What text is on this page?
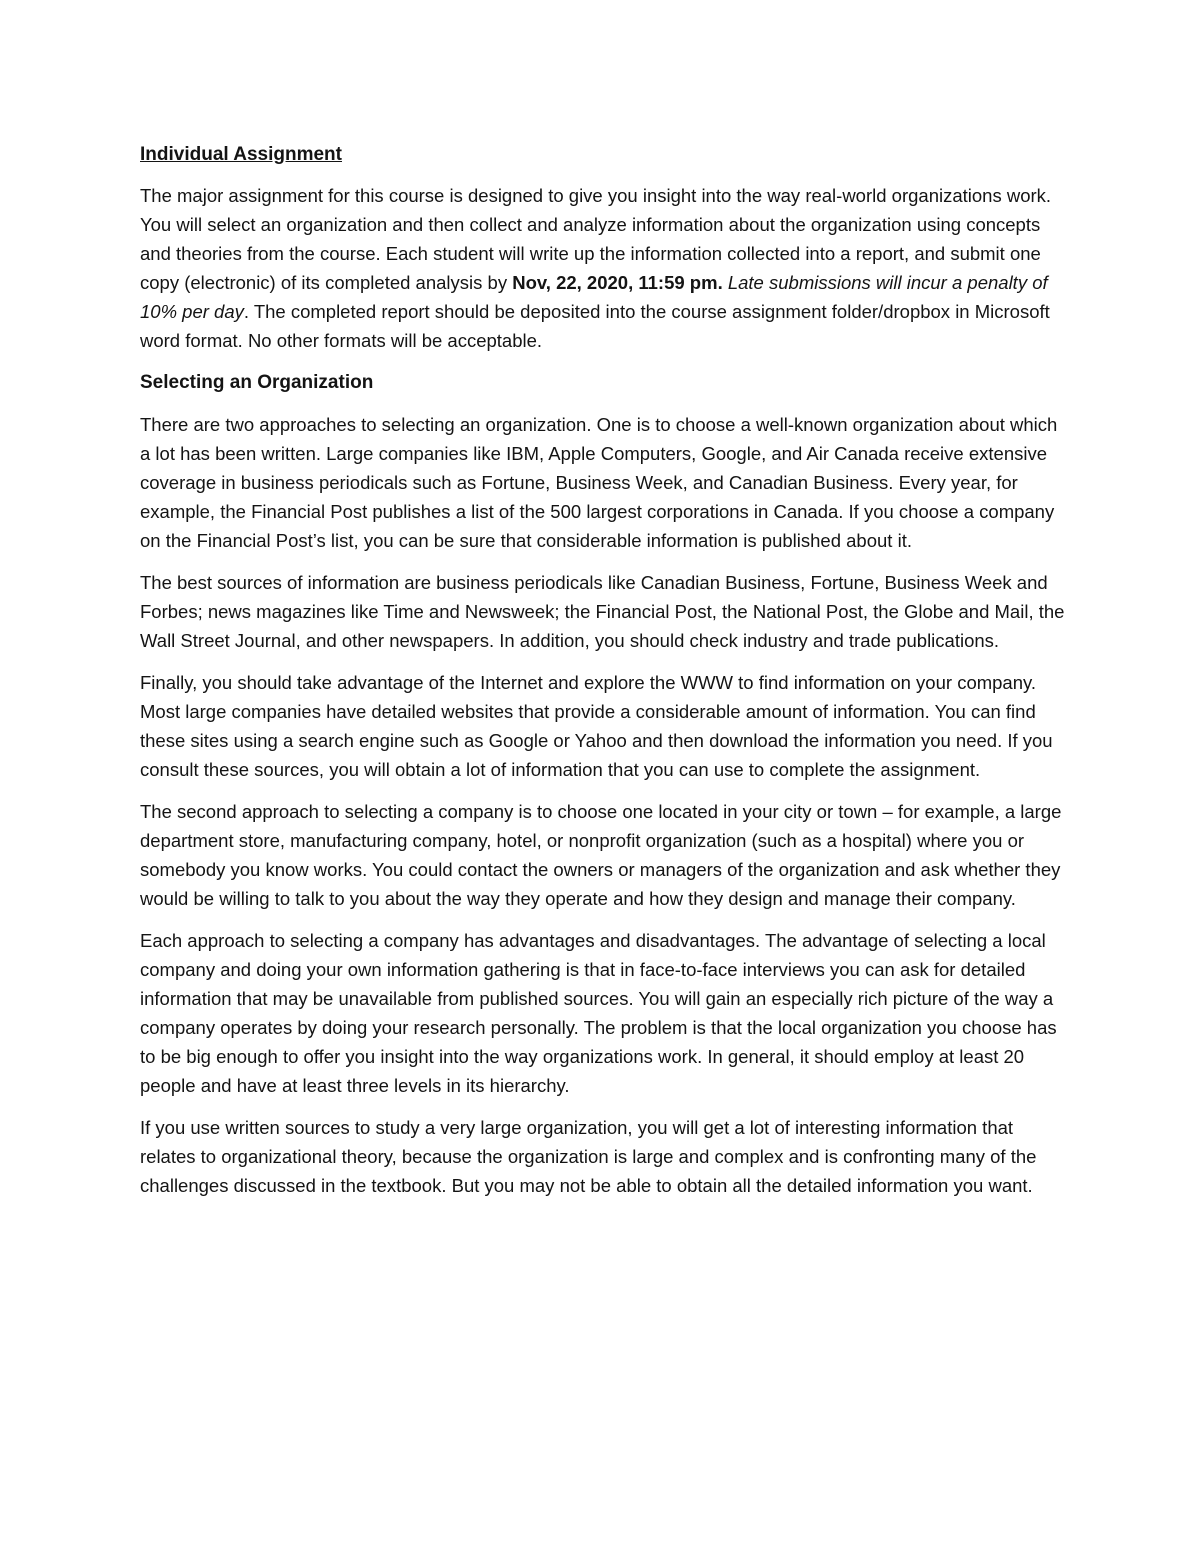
Individual Assignment

The major assignment for this course is designed to give you insight into the way real-world organizations work. You will select an organization and then collect and analyze information about the organization using concepts and theories from the course. Each student will write up the information collected into a report, and submit one copy (electronic) of its completed analysis by Nov, 22, 2020, 11:59 pm. Late submissions will incur a penalty of 10% per day. The completed report should be deposited into the course assignment folder/dropbox in Microsoft word format. No other formats will be acceptable.

Selecting an Organization

There are two approaches to selecting an organization. One is to choose a well-known organization about which a lot has been written. Large companies like IBM, Apple Computers, Google, and Air Canada receive extensive coverage in business periodicals such as Fortune, Business Week, and Canadian Business. Every year, for example, the Financial Post publishes a list of the 500 largest corporations in Canada. If you choose a company on the Financial Post’s list, you can be sure that considerable information is published about it.

The best sources of information are business periodicals like Canadian Business, Fortune, Business Week and Forbes; news magazines like Time and Newsweek; the Financial Post, the National Post, the Globe and Mail, the Wall Street Journal, and other newspapers. In addition, you should check industry and trade publications.

Finally, you should take advantage of the Internet and explore the WWW to find information on your company. Most large companies have detailed websites that provide a considerable amount of information. You can find these sites using a search engine such as Google or Yahoo and then download the information you need. If you consult these sources, you will obtain a lot of information that you can use to complete the assignment.

The second approach to selecting a company is to choose one located in your city or town – for example, a large department store, manufacturing company, hotel, or nonprofit organization (such as a hospital) where you or somebody you know works. You could contact the owners or managers of the organization and ask whether they would be willing to talk to you about the way they operate and how they design and manage their company.

Each approach to selecting a company has advantages and disadvantages. The advantage of selecting a local company and doing your own information gathering is that in face-to-face interviews you can ask for detailed information that may be unavailable from published sources. You will gain an especially rich picture of the way a company operates by doing your research personally. The problem is that the local organization you choose has to be big enough to offer you insight into the way organizations work. In general, it should employ at least 20 people and have at least three levels in its hierarchy.

If you use written sources to study a very large organization, you will get a lot of interesting information that relates to organizational theory, because the organization is large and complex and is confronting many of the challenges discussed in the textbook. But you may not be able to obtain all the detailed information you want.
